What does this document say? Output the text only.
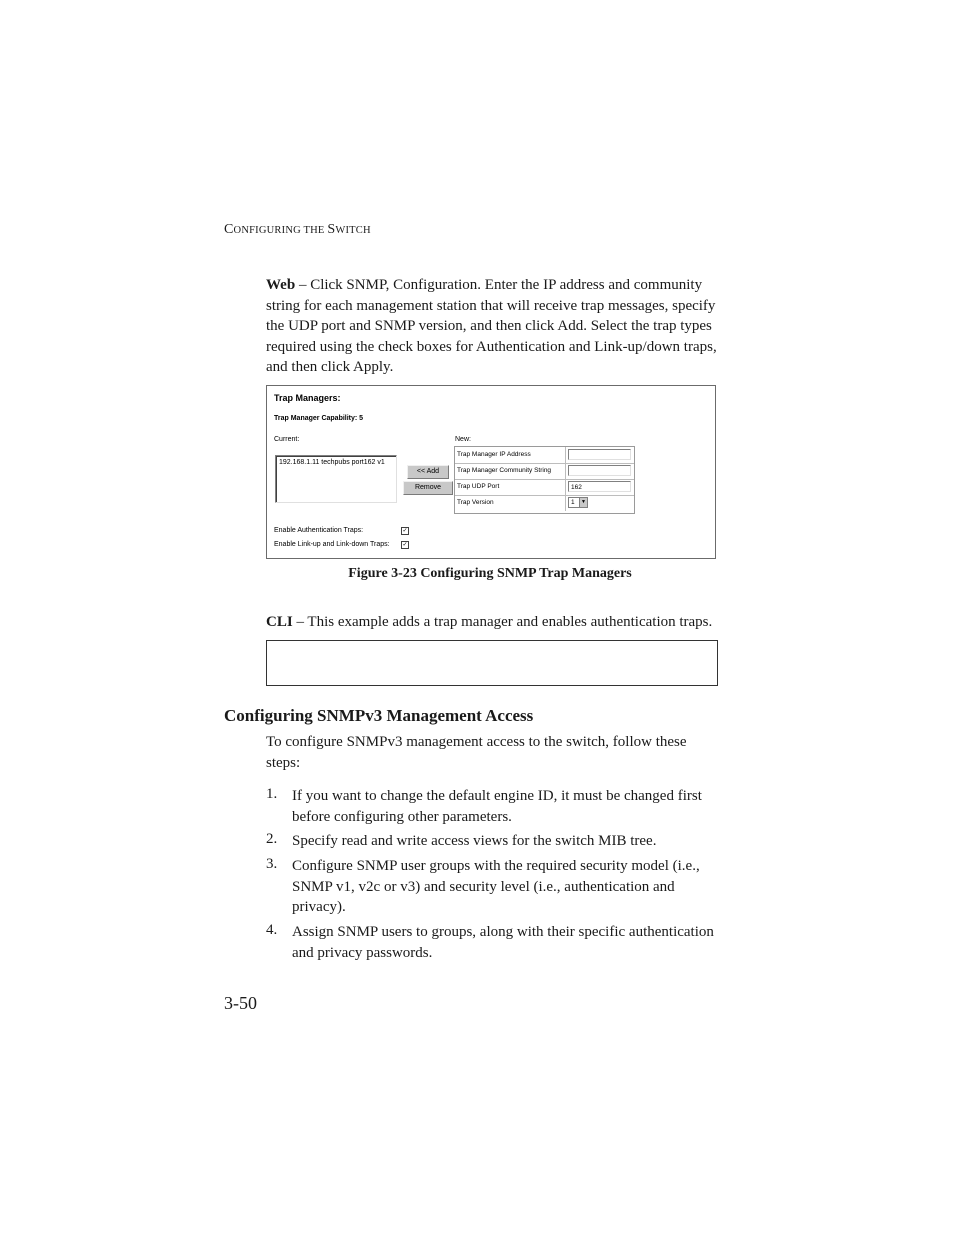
CONFIGURING THE SWITCH
Web – Click SNMP, Configuration. Enter the IP address and community string for each management station that will receive trap messages, specify the UDP port and SNMP version, and then click Add. Select the trap types required using the check boxes for Authentication and Link-up/down traps, and then click Apply.
Trap Managers:
Trap Manager Capability: 5
Current:	New:
192.168.1.11 techpubs port162 v1
<< Add
Remove
Trap Manager IP Address
Trap Manager Community String
Trap UDP Port	162
Trap Version	1	▼
Enable Authentication Traps:	✓
Enable Link-up and Link-down Traps: ✓
Figure 3-23 Configuring SNMP Trap Managers
CLI – This example adds a trap manager and enables authentication traps.
Configuring SNMPv3 Management Access
To configure SNMPv3 management access to the switch, follow these steps:
1. If you want to change the default engine ID, it must be changed first before configuring other parameters.
2. Specify read and write access views for the switch MIB tree.
3. Configure SNMP user groups with the required security model (i.e., SNMP v1, v2c or v3) and security level (i.e., authentication and privacy).
4. Assign SNMP users to groups, along with their specific authentication and privacy passwords.
3-50
